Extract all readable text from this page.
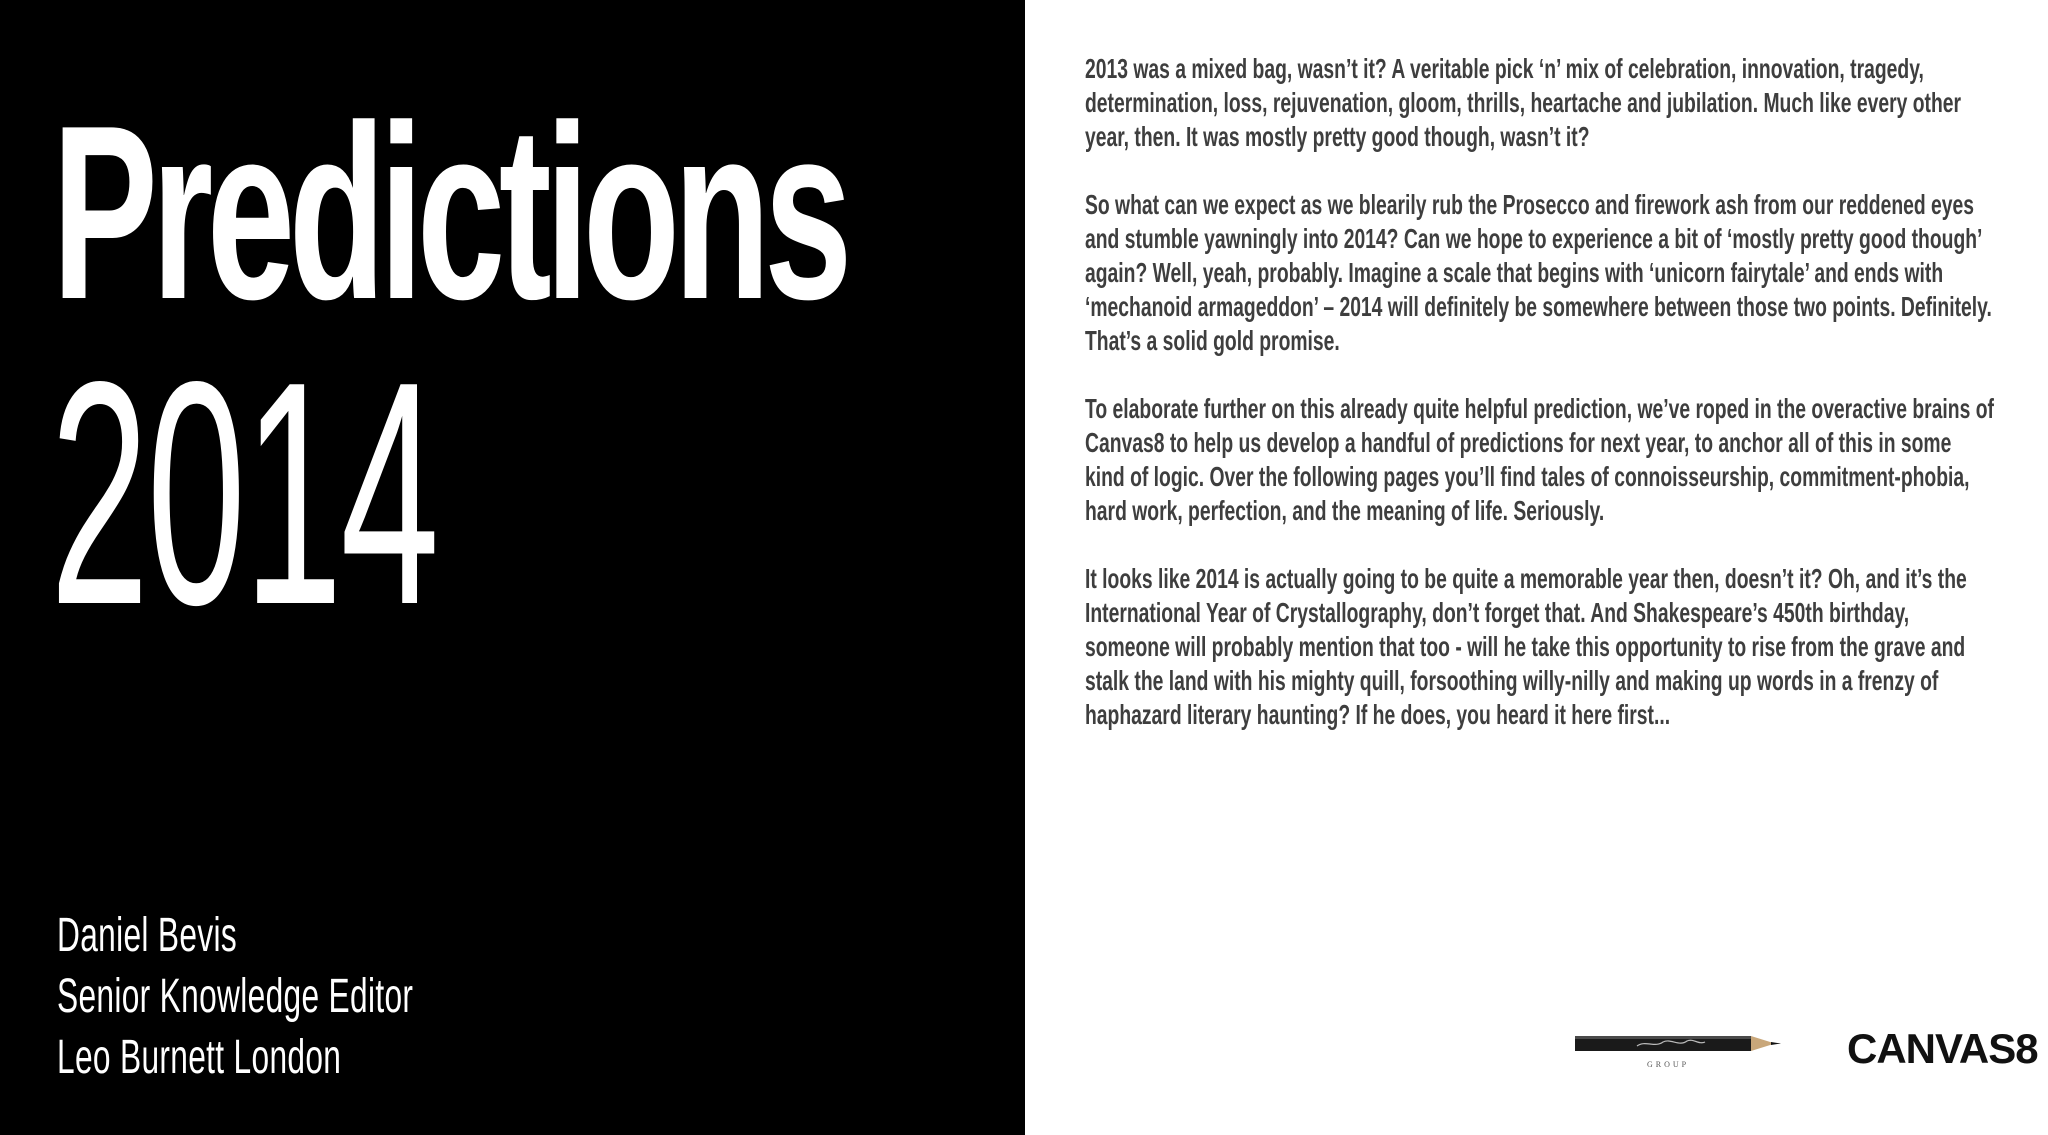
Predictions
2014
Daniel Bevis
Senior Knowledge Editor
Leo Burnett London

2013 was a mixed bag, wasn’t it? A veritable pick ‘n’ mix of celebration, innovation, tragedy, determination, loss, rejuvenation, gloom, thrills, heartache and jubilation. Much like every other year, then. It was mostly pretty good though, wasn’t it?

So what can we expect as we blearily rub the Prosecco and firework ash from our reddened eyes and stumble yawningly into 2014? Can we hope to experience a bit of ‘mostly pretty good though’ again? Well, yeah, probably. Imagine a scale that begins with ‘unicorn fairytale’ and ends with ‘mechanoid armageddon’ – 2014 will definitely be somewhere between those two points. Definitely. That’s a solid gold promise.

To elaborate further on this already quite helpful prediction, we’ve roped in the overactive brains of Canvas8 to help us develop a handful of predictions for next year, to anchor all of this in some kind of logic. Over the following pages you’ll find tales of connoisseurship, commitment-phobia, hard work, perfection, and the meaning of life. Seriously.

It looks like 2014 is actually going to be quite a memorable year then, doesn’t it? Oh, and it’s the International Year of Crystallography, don’t forget that. And Shakespeare’s 450th birthday, someone will probably mention that too - will he take this opportunity to rise from the grave and stalk the land with his mighty quill, forsoothing willy-nilly and making up words in a frenzy of haphazard literary haunting? If he does, you heard it here first...

GROUP	CANVAS8
